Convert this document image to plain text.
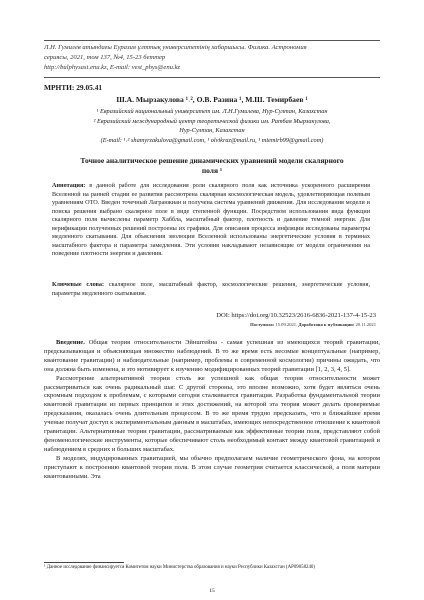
Л.Н. Гумилев атындағы Еуразия ұлттық университетінің хабаршысы. Физика. Астрономия
сериясы, 2021, том 137, №4, 15-23 беттер
http://bulphysast.enu.kz, E-mail: vest_phys@enu.kz
МРНТИ: 29.05.41
Ш.А. Мырзакулова ¹˒², О.В. Разина ¹, М.Ш. Темирбаев ¹
¹ Евразийский национальный университет им. Л.Н.Гумилева, Нур-Султан, Казахстан
² Евразийский международный центр теоретической физики им. Ратбая Мырзакулова,
Нур-Султан, Казахстан
(E-mail: ¹˒² shamyrzakulova@gmail.com, ¹ olvikraz@mail.ru, ¹ mtemirb99@gmail.com)
Точное аналитическое решение динамических уравнений модели скалярного
поля ¹
Аннотация: в данной работе для исследования роли скалярного поля как источника ускоренного расширения Вселенной на ранней стадии ее развития рассмотрена скалярная космологическая модель, удовлетворяющая полевым уравнениям ОТО. Введен точечный Лагранжиан и получена система уравнений движения. Для исследования модели и поиска решения выбрано скалярное поле в виде степенной функции. Посредством использования вида функции скалярного поля вычислены параметр Хаббла, масштабный фактор, плотность и давление темной энергии. Для верификации полученных решений построены их графики. Для описания процесса инфляции исследованы параметры медленного скатывания. Для объяснения эволюции Вселенной использованы энергетические условия в терминах масштабного фактора и параметра замедления. Эти условия накладывают независящие от модели ограничения на поведение плотности энергии и давления.
Ключевые слова: скалярное поле, масштабный фактор, космологические решения, энергетические условия, параметры медленного скатывания.
DOI: https://doi.org/10.32523/2616-6836-2021-137-4-15-23
Поступила: 15.09.2021. Доработана к публикации: 20.11.2021

Введение. Общая теория относительности Эйнштейна - самая успешная из имеющихся теорий гравитации, предсказывающая и объясняющая множество наблюдений. В то же время есть весомые концептуальные (например, квантование гравитации) и наблюдательные (например, проблемы в современной космологии) причины ожидать, что она должна быть изменена, и это мотивирует к изучению модифицированных теорий гравитации [1, 2, 3, 4, 5].

Рассмотрение альтернативной теории столь же успешной как общая теория относительности может рассматриваться как очень радикальный шаг. С другой стороны, это вполне возможно, хотя будет являться очень скромным подходом к проблемам, с которыми сегодня сталкивается гравитация. Разработка фундаментальной теории квантовой гравитации из первых принципов и этих достижений, на которой эта теория может делать проверяемые предсказания, оказалась очень длительным процессом. В то же время трудно предсказать, что в ближайшее время ученые получат доступ к экспериментальным данным в масштабах, имеющих непосредственное отношение к квантовой гравитации. Альтернативные теории гравитации, рассматриваемые как эффективные теории поля, представляют собой феноменологические инструменты, которые обеспечивают столь необходимый контакт между квантовой гравитацией и наблюдением в средних и больших масштабах.

В моделях, индуцированных гравитацией, мы обычно предполагаем наличие геометрического фона, на котором приступают к построению квантовой теории поля. В этом случае геометрия считается классической, а поля материи квантованными. Эта

¹ Данное исследование финансируется Комитетом науки Министерства образования и науки Республики Казахстан (AP09058240)
15
